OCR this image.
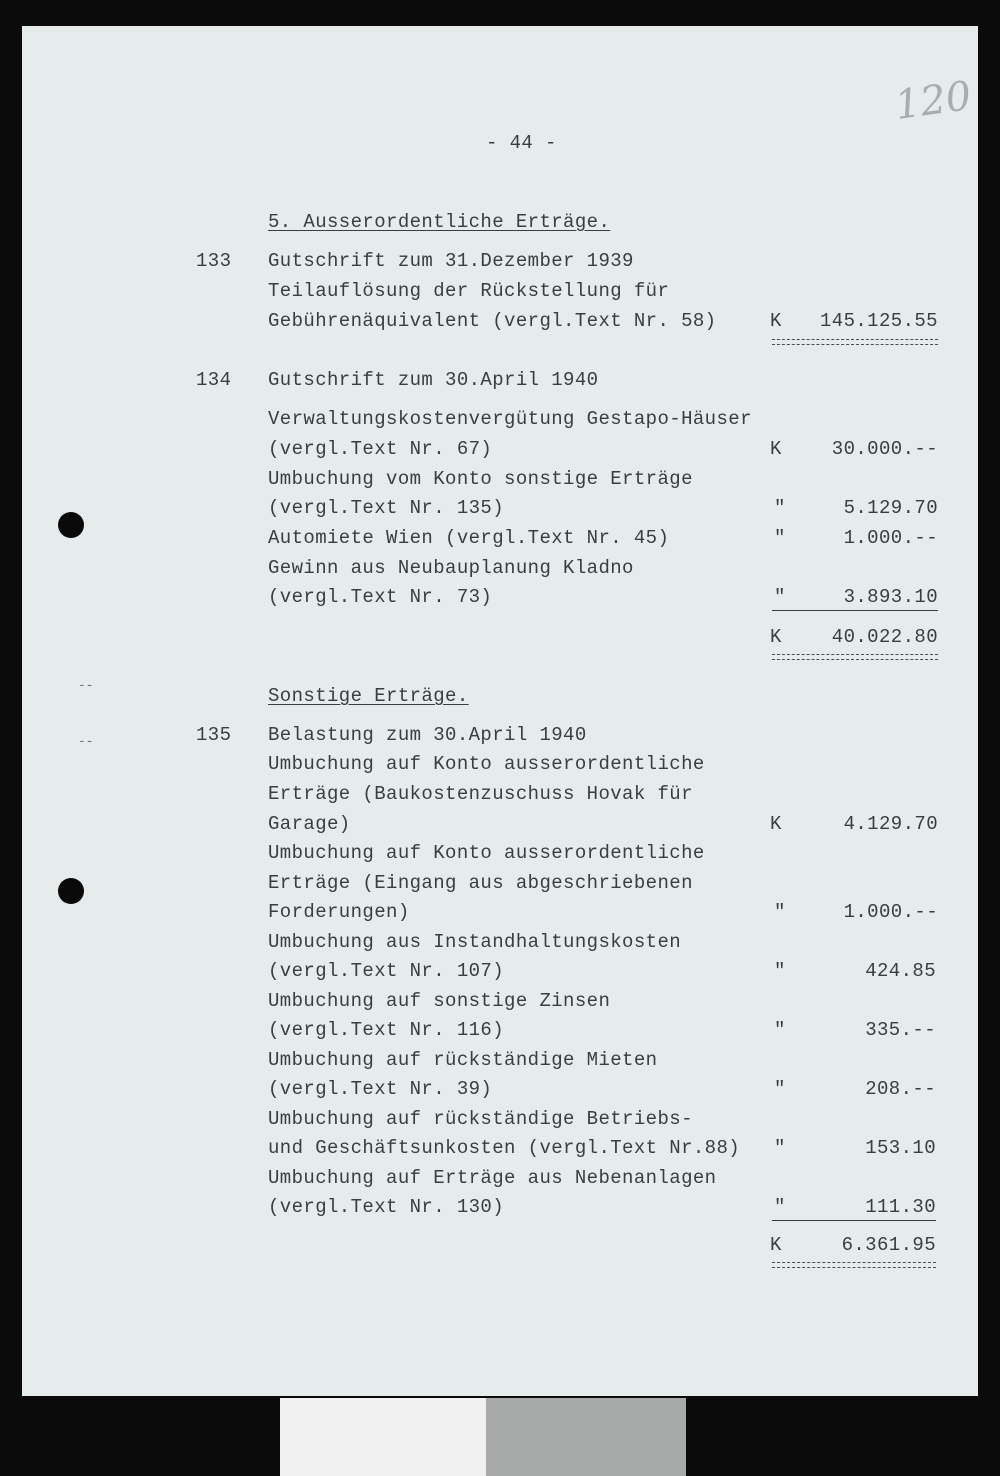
--
--
120
- 44 -
5. Ausserordentliche Erträge.
133 Gutschrift zum 31.Dezember 1939
Teilauflösung der Rückstellung für
Gebührenäquivalent (vergl.Text Nr. 58)	K	145.125.55
134 Gutschrift zum 30.April 1940
Verwaltungskostenvergütung Gestapo-Häuser
(vergl.Text Nr. 67)	K	30.000.--
Umbuchung vom Konto sonstige Erträge
(vergl.Text Nr. 135)	"	5.129.70
Automiete Wien (vergl.Text Nr. 45)	"	1.000.--
Gewinn aus Neubauplanung Kladno
(vergl.Text Nr. 73)	"	3.893.10
K	40.022.80
Sonstige Erträge.
135 Belastung zum 30.April 1940
Umbuchung auf Konto ausserordentliche
Erträge (Baukostenzuschuss Hovak für
Garage)	K	4.129.70
Umbuchung auf Konto ausserordentliche
Erträge (Eingang aus abgeschriebenen
Forderungen)	"	1.000.--
Umbuchung aus Instandhaltungskosten
(vergl.Text Nr. 107)	"	424.85
Umbuchung auf sonstige Zinsen
(vergl.Text Nr. 116)	"	335.--
Umbuchung auf rückständige Mieten
(vergl.Text Nr. 39)	"	208.--
Umbuchung auf rückständige Betriebs-
und Geschäftsunkosten (vergl.Text Nr.88) "	153.10
Umbuchung auf Erträge aus Nebenanlagen
(vergl.Text Nr. 130)	"	111.30
K	6.361.95
